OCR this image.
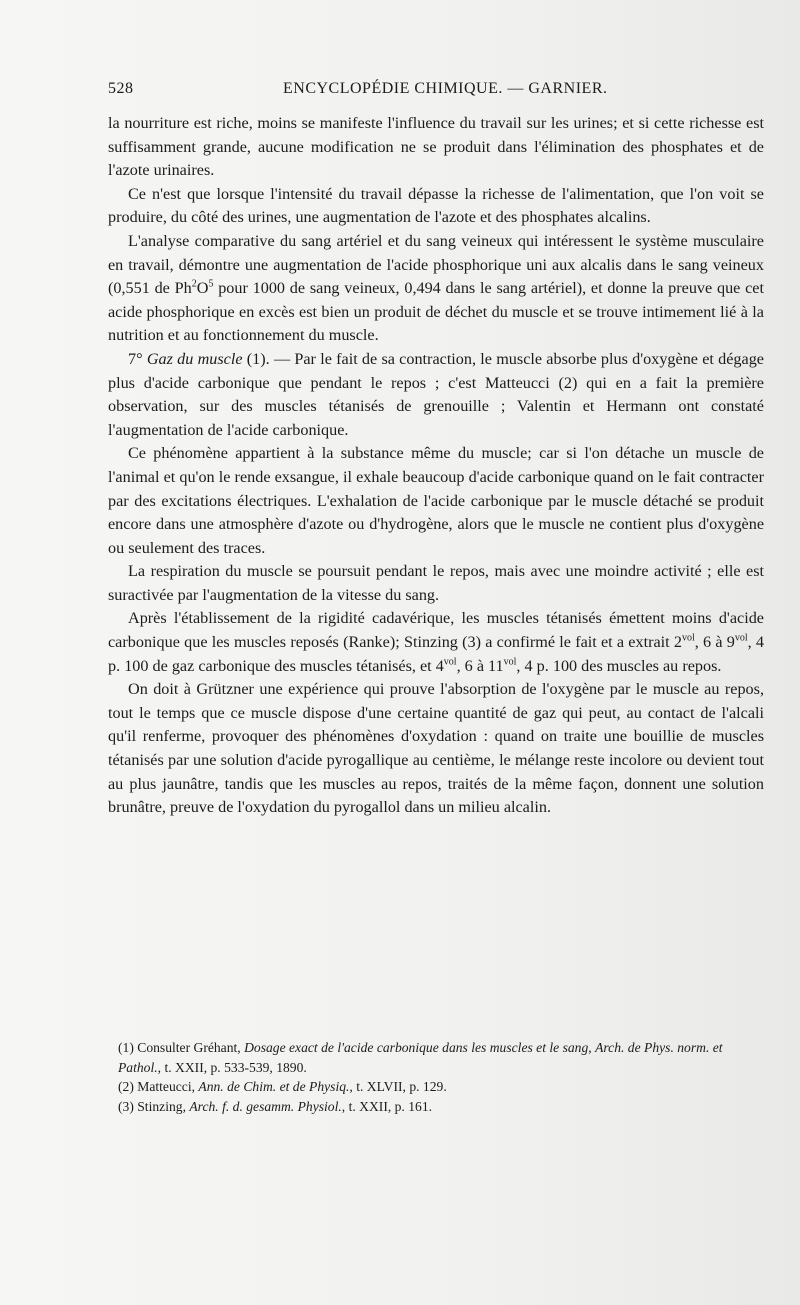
528	ENCYCLOPÉDIE CHIMIQUE. — GARNIER.

la nourriture est riche, moins se manifeste l'influence du travail sur les urines; et si cette richesse est suffisamment grande, aucune modification ne se produit dans l'élimination des phosphates et de l'azote urinaires.

Ce n'est que lorsque l'intensité du travail dépasse la richesse de l'alimentation, que l'on voit se produire, du côté des urines, une augmentation de l'azote et des phosphates alcalins.

L'analyse comparative du sang artériel et du sang veineux qui intéressent le système musculaire en travail, démontre une augmentation de l'acide phosphorique uni aux alcalis dans le sang veineux (0,551 de $Ph^2O^5$ pour 1000 de sang veineux, 0,494 dans le sang artériel), et donne la preuve que cet acide phosphorique en excès est bien un produit de déchet du muscle et se trouve intimement lié à la nutrition et au fonctionnement du muscle.

7° Gaz du muscle (1). — Par le fait de sa contraction, le muscle absorbe plus d'oxygène et dégage plus d'acide carbonique que pendant le repos ; c'est Matteucci (2) qui en a fait la première observation, sur des muscles tétanisés de grenouille ; Valentin et Hermann ont constaté l'augmentation de l'acide carbonique.

Ce phénomène appartient à la substance même du muscle; car si l'on détache un muscle de l'animal et qu'on le rende exsangue, il exhale beaucoup d'acide carbonique quand on le fait contracter par des excitations électriques. L'exhalation de l'acide carbonique par le muscle détaché se produit encore dans une atmosphère d'azote ou d'hydrogène, alors que le muscle ne contient plus d'oxygène ou seulement des traces.

La respiration du muscle se poursuit pendant le repos, mais avec une moindre activité ; elle est suractivée par l'augmentation de la vitesse du sang.

Après l'établissement de la rigidité cadavérique, les muscles tétanisés émettent moins d'acide carbonique que les muscles reposés (Ranke); Stinzing (3) a confirmé le fait et a extrait $2^{vol}$, 6 à $9^{vol}$, 4 p. 100 de gaz carbonique des muscles tétanisés, et $4^{vol}$, 6 à $11^{vol}$, 4 p. 100 des muscles au repos.

On doit à Grützner une expérience qui prouve l'absorption de l'oxygène par le muscle au repos, tout le temps que ce muscle dispose d'une certaine quantité de gaz qui peut, au contact de l'alcali qu'il renferme, provoquer des phénomènes d'oxydation : quand on traite une bouillie de muscles tétanisés par une solution d'acide pyrogallique au centième, le mélange reste incolore ou devient tout au plus jaunâtre, tandis que les muscles au repos, traités de la même façon, donnent une solution brunâtre, preuve de l'oxydation du pyrogallol dans un milieu alcalin.

(1) Consulter Gréhant, Dosage exact de l'acide carbonique dans les muscles et le sang, Arch. de Phys. norm. et Pathol., t. XXII, p. 533-539, 1890.

(2) Matteucci, Ann. de Chim. et de Physiq., t. XLVII, p. 129.

(3) Stinzing, Arch. f. d. gesamm. Physiol., t. XXII, p. 161.
